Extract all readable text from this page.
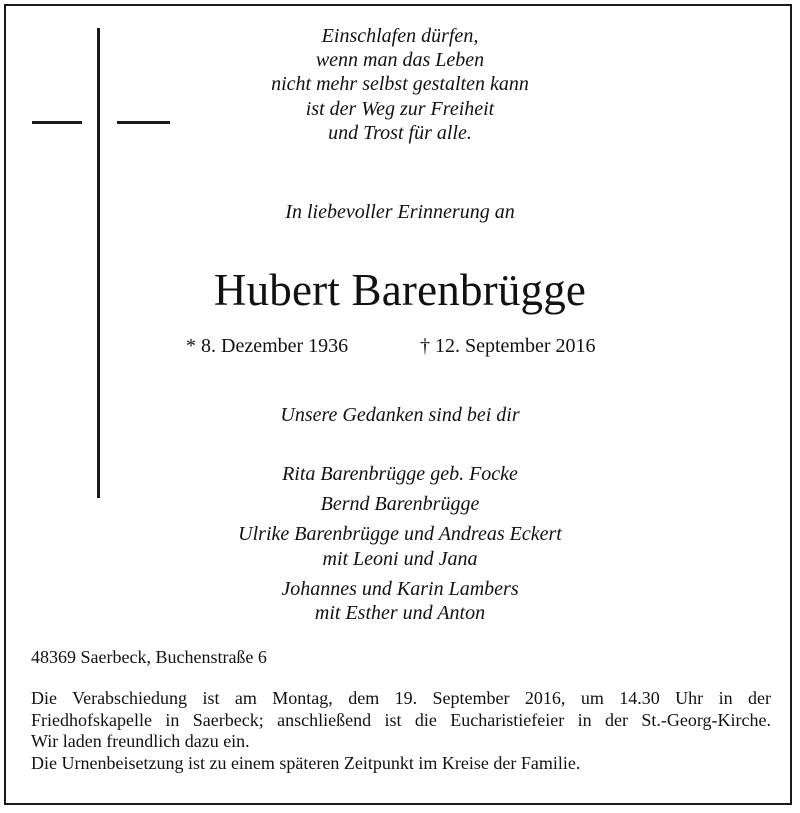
Einschlafen dürfen,
wenn man das Leben
nicht mehr selbst gestalten kann
ist der Weg zur Freiheit
und Trost für alle.
In liebevoller Erinnerung an
Hubert Barenbrügge
* 8. Dezember 1936	† 12. September 2016
Unsere Gedanken sind bei dir
Rita Barenbrügge geb. Focke
Bernd Barenbrügge
Ulrike Barenbrügge und Andreas Eckert
mit Leoni und Jana
Johannes und Karin Lambers
mit Esther und Anton
48369 Saerbeck, Buchenstraße 6
Die Verabschiedung ist am Montag, dem 19. September 2016, um 14.30 Uhr in der
Friedhofskapelle in Saerbeck; anschließend ist die Eucharistiefeier in der St.-Georg-Kirche.
Wir laden freundlich dazu ein.
Die Urnenbeisetzung ist zu einem späteren Zeitpunkt im Kreise der Familie.
